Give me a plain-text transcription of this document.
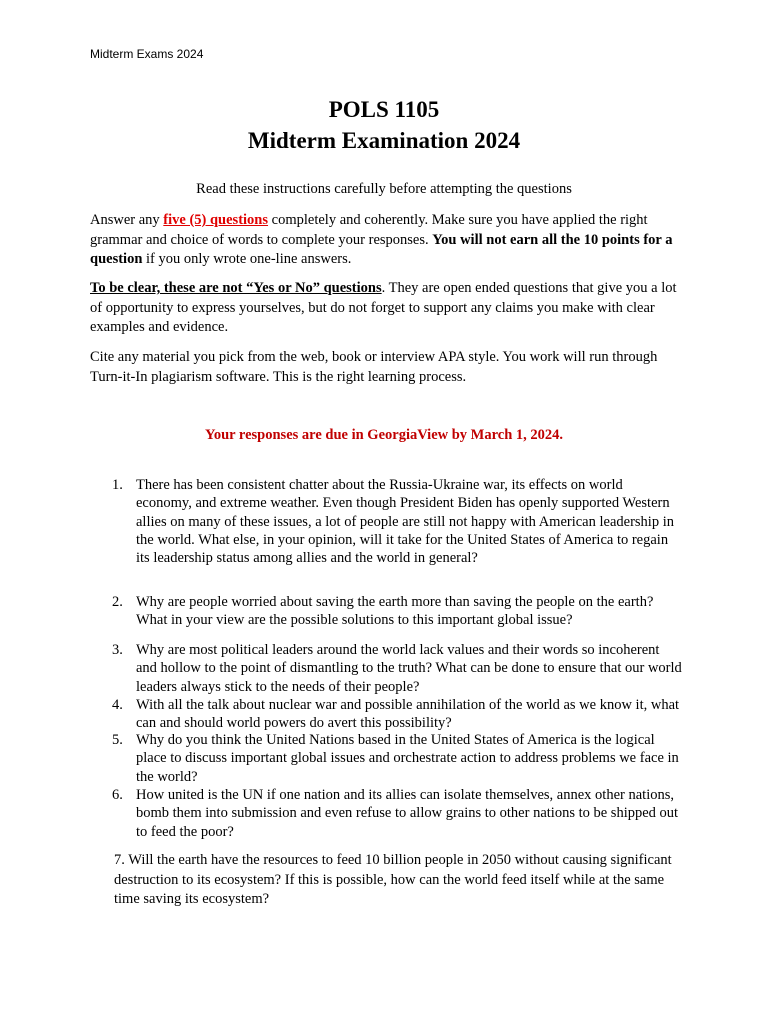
Midterm Exams 2024
POLS 1105
Midterm Examination 2024
Read these instructions carefully before attempting the questions
Answer any five (5) questions completely and coherently. Make sure you have applied the right grammar and choice of words to complete your responses. You will not earn all the 10 points for a question if you only wrote one-line answers.
To be clear, these are not “Yes or No” questions. They are open ended questions that give you a lot of opportunity to express yourselves, but do not forget to support any claims you make with clear examples and evidence.
Cite any material you pick from the web, book or interview APA style. You work will run through Turn-it-In plagiarism software. This is the right learning process.
Your responses are due in GeorgiaView by March 1, 2024.
1. There has been consistent chatter about the Russia-Ukraine war, its effects on world economy, and extreme weather. Even though President Biden has openly supported Western allies on many of these issues, a lot of people are still not happy with American leadership in the world. What else, in your opinion, will it take for the United States of America to regain its leadership status among allies and the world in general?
2. Why are people worried about saving the earth more than saving the people on the earth? What in your view are the possible solutions to this important global issue?
3. Why are most political leaders around the world lack values and their words so incoherent and hollow to the point of dismantling to the truth? What can be done to ensure that our world leaders always stick to the needs of their people?
4. With all the talk about nuclear war and possible annihilation of the world as we know it, what can and should world powers do avert this possibility?
5. Why do you think the United Nations based in the United States of America is the logical place to discuss important global issues and orchestrate action to address problems we face in the world?
6. How united is the UN if one nation and its allies can isolate themselves, annex other nations, bomb them into submission and even refuse to allow grains to other nations to be shipped out to feed the poor?
7. Will the earth have the resources to feed 10 billion people in 2050 without causing significant destruction to its ecosystem? If this is possible, how can the world feed itself while at the same time saving its ecosystem?
